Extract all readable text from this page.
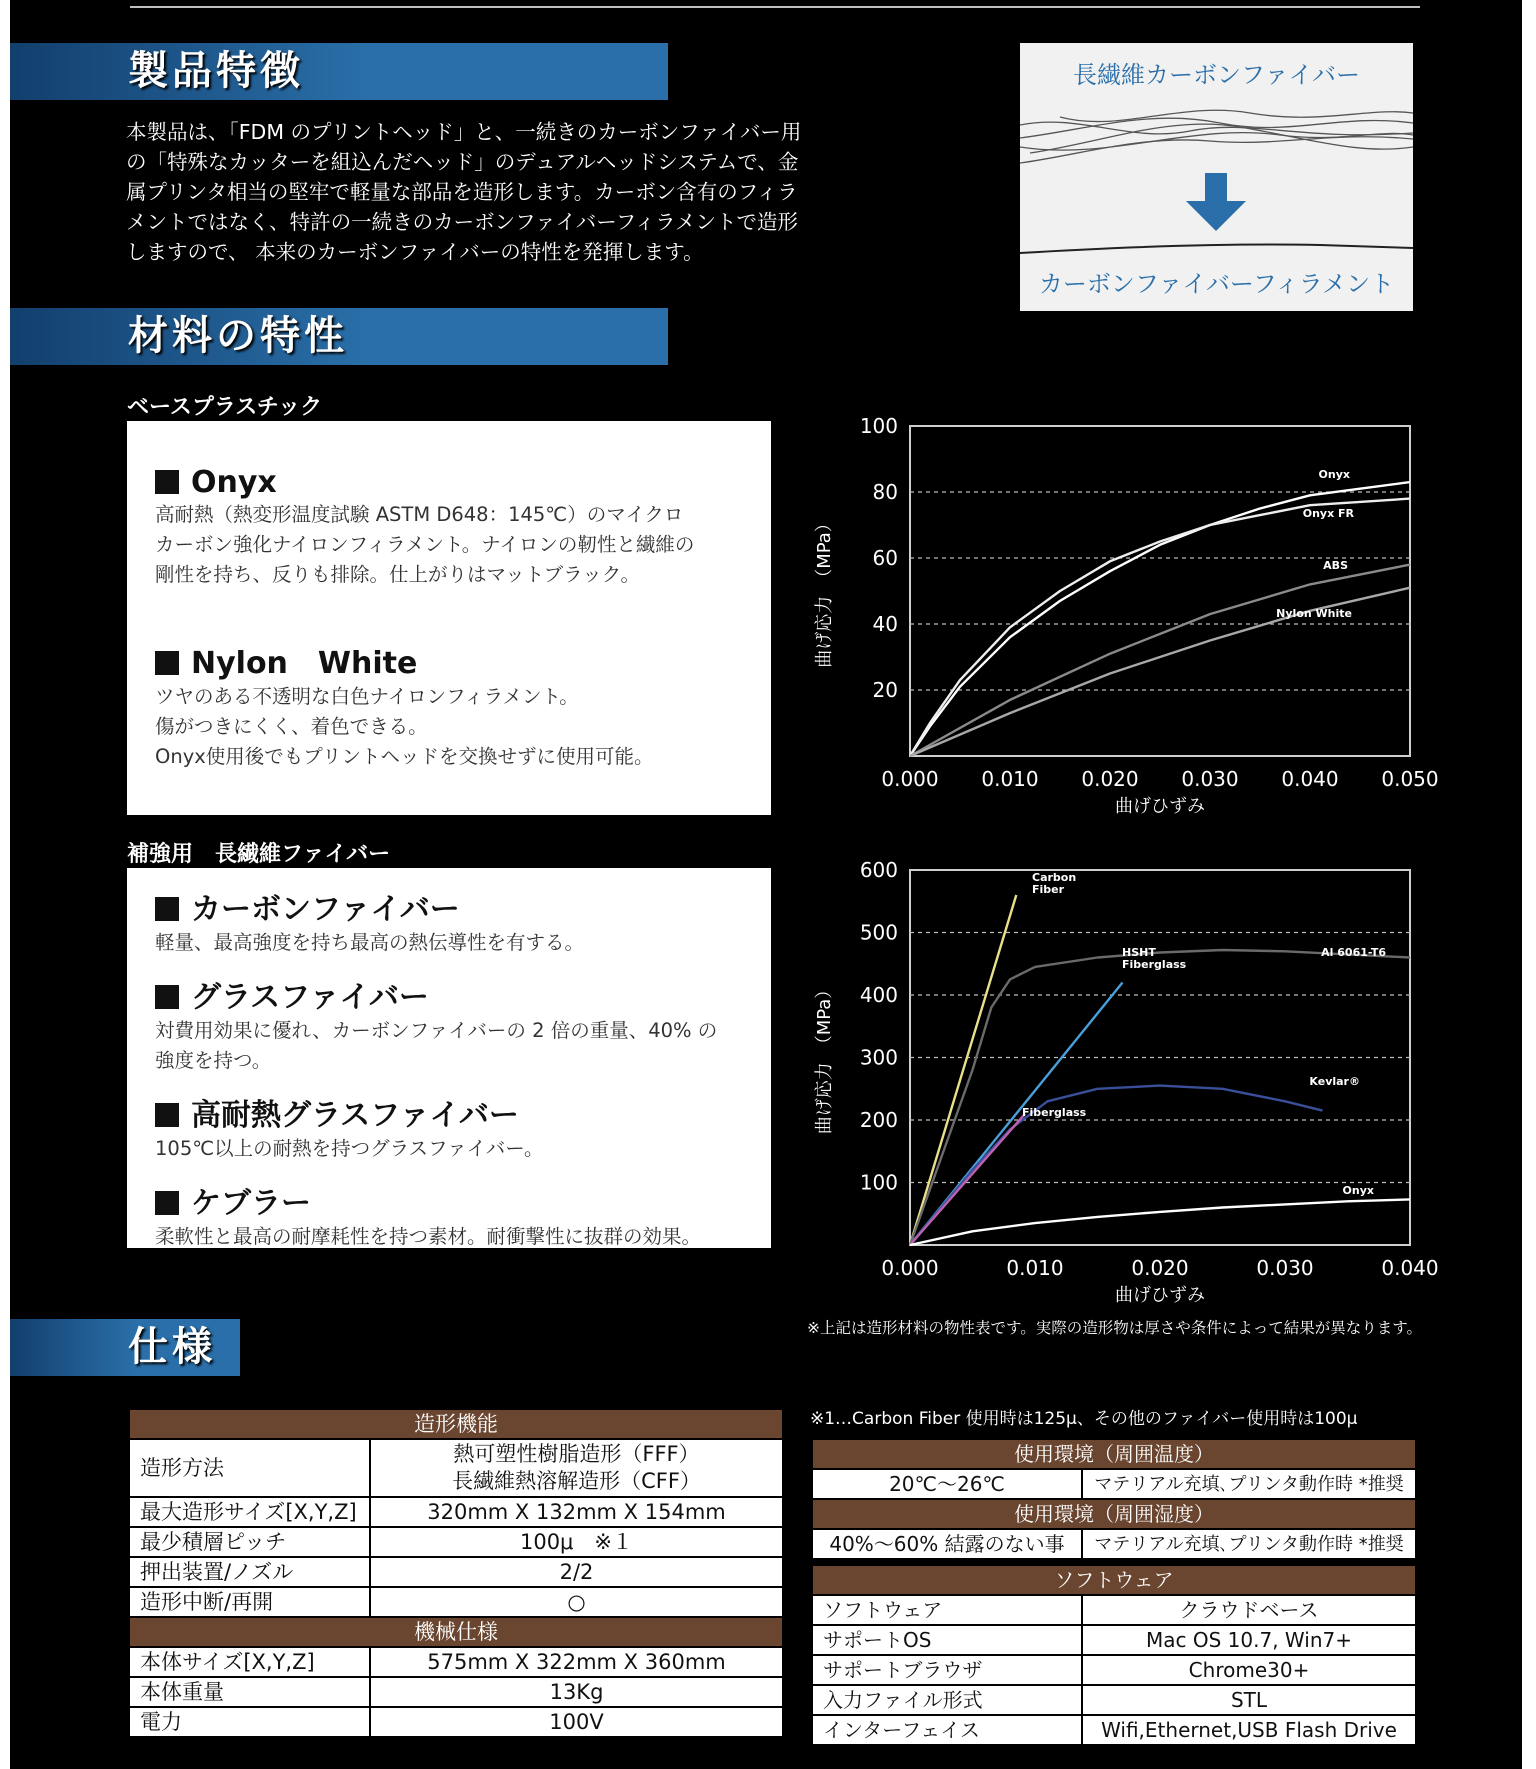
製品特徴
本製品は、「FDM のプリントヘッド」と、一続きのカーボンファイバー用の「特殊なカッターを組込んだヘッド」のデュアルヘッドシステムで、金属プリンタ相当の堅牢で軽量な部品を造形します。カーボン含有のフィラメントではなく、特許の一続きのカーボンファイバーフィラメントで造形しますので、 本来のカーボンファイバーの特性を発揮します。
長繊維カーボンファイバー
カーボンファイバーフィラメント
材料の特性
ベースプラスチック

Onyx

高耐熱（熱変形温度試験 ASTM D648：145℃）のマイクロ
カーボン強化ナイロンフィラメント。ナイロンの靭性と繊維の
剛性を持ち、反りも排除。仕上がりはマットブラック。

Nylon　White

ツヤのある不透明な白色ナイロンフィラメント。
傷がつきにくく、着色できる。
Onyx使用後でもプリントヘッドを交換せずに使用可能。

補強用　長繊維ファイバー

カーボンファイバー

軽量、最高強度を持ち最高の熱伝導性を有する。

グラスファイバー

対費用効果に優れ、カーボンファイバーの 2 倍の重量、40% の
強度を持つ。

高耐熱グラスファイバー

105℃以上の耐熱を持つグラスファイバー。

ケブラー

柔軟性と最高の耐摩耗性を持つ素材。耐衝撃性に抜群の効果。

20
40
60
80
100
0.000 0.010 0.020 0.030 0.040 0.050
曲げひずみ
曲げ応力　（MPa）
Onyx
Onyx FR
ABS
Nylon White
100
200
300
400
500
600
0.000	0.010	0.020	0.030	0.040
曲げひずみ
曲げ応力　（MPa）
Carbon Fiber
Al 6061-T6
HSHT Fiberglass
Kevlar®
Fiberglass
Onyx
※上記は造形材料の物性表です。実際の造形物は厚さや条件によって結果が異なります。
仕様
造形機能	
造形方法	熱可塑性樹脂造形（FFF）
長繊維熱溶解造形（CFF）

最大造形サイズ[X,Y,Z]	320mm X 132mm X 154mm
最少積層ピッチ	100μ　※１
押出装置/ノズル	2/2
造形中断/再開	○
機械仕様	
本体サイズ[X,Y,Z]	575mm X 322mm X 360mm
本体重量	13Kg
電力	100V
※1…Carbon Fiber 使用時は125μ、その他のファイバー使用時は100μ
使用環境（周囲温度）	
20℃～26℃	マテリアル充填､プリンタ動作時 *推奨
使用環境（周囲湿度）	
40%～60% 結露のない事	マテリアル充填､プリンタ動作時 *推奨
ソフトウェア	
ソフトウェア	クラウドベース
サポートOS	Mac OS 10.7, Win7+
サポートブラウザ	Chrome30+
入力ファイル形式	STL
インターフェイス	Wifi,Ethernet,USB Flash Drive
